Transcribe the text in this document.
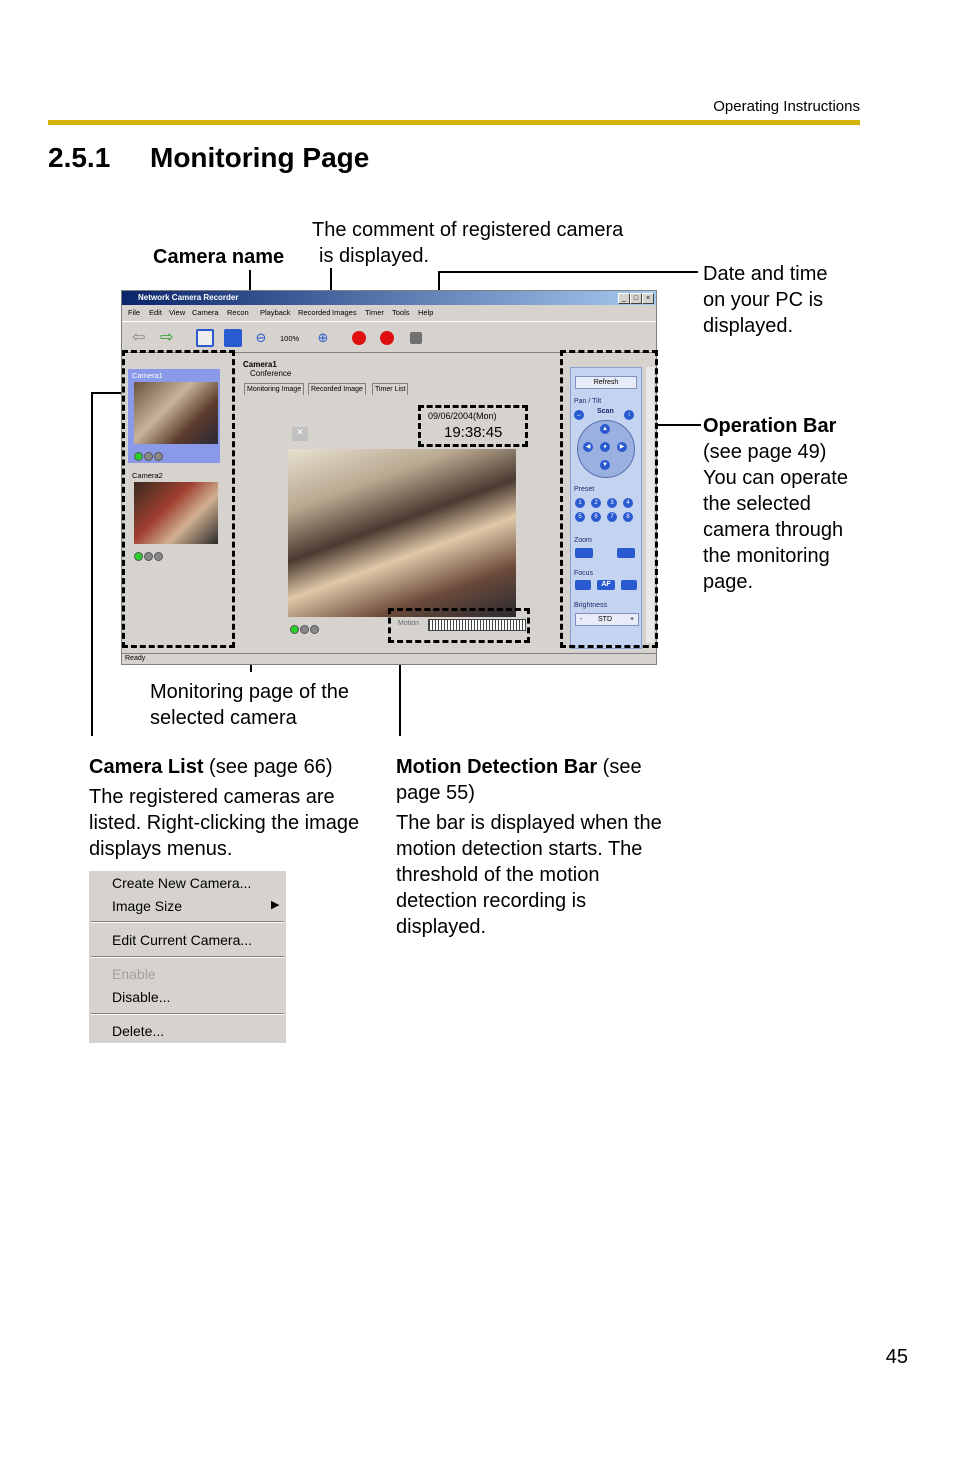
Operating Instructions
2.5.1 Monitoring Page
The comment of registered camera
is displayed.
Camera name
Date and time
on your PC is
displayed.
Operation Bar
(see page 49)
You can operate
the selected
camera through
the monitoring
page.
Network Camera Recorder	_	□	×
File Edit View Camera Recon Playback Recorded Images Timer Tools Help
⇦ ⇨	⊖	100% ⊕
Camera1
Camera2
Camera1
Conference
Monitoring Image	Recorded Image	Timer List
09/06/2004(Mon)
19:38:45
✕
Motion
Refresh
Pan / Tilt
Scan
↔	↕
▲
◀	●	▶
▼
Preset
1	2	3	4
5	6	7	8
Zoom
Focus
AF
Brightness
- STD	+
Ready
Monitoring page of the
selected camera
Camera List (see page 66)
The registered cameras are
listed. Right-clicking the image
displays menus.
Motion Detection Bar (see
page 55)
The bar is displayed when the
motion detection starts. The
threshold of the motion
detection recording is
displayed.
Create New Camera...
Image Size	▶
Edit Current Camera...
Enable
Disable...
Delete...
45
